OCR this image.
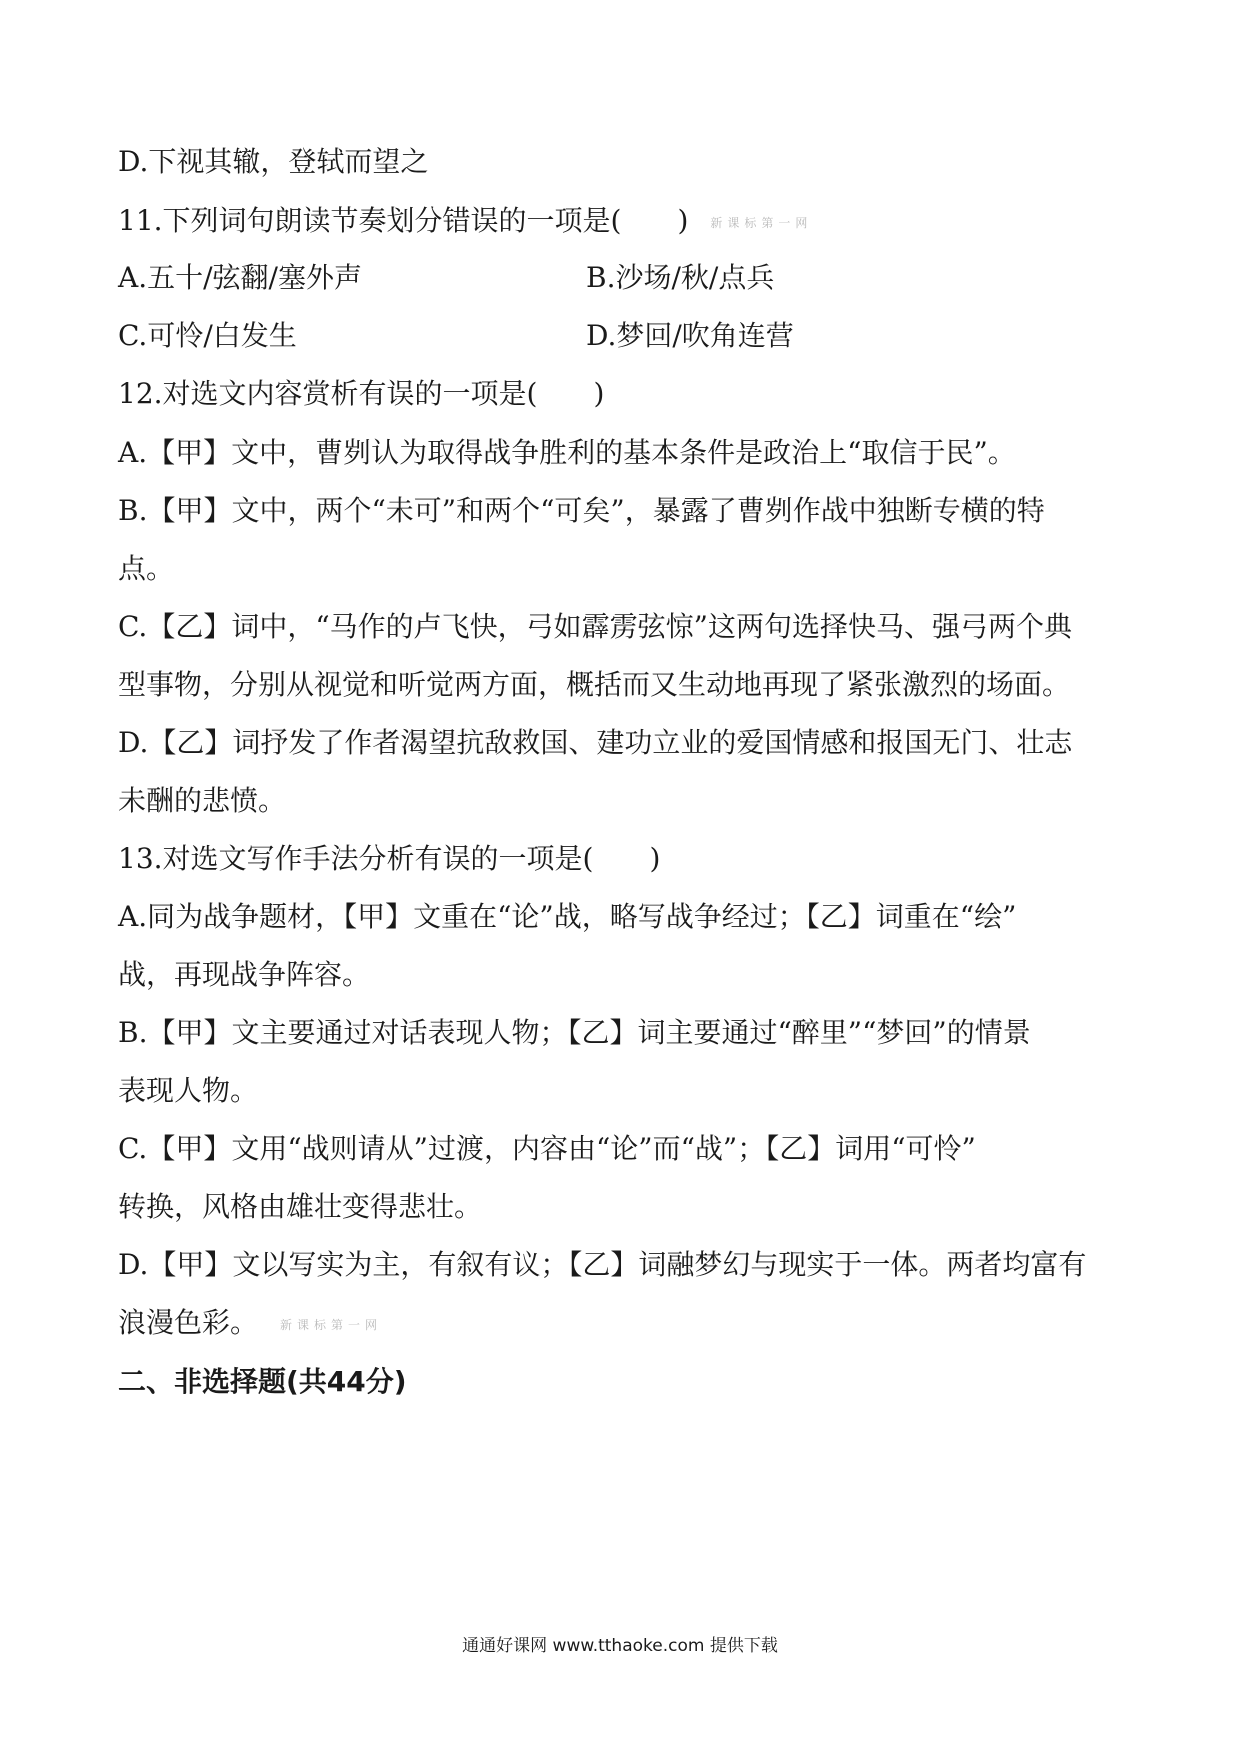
D.下视其辙，登轼而望之
11.下列词句朗读节奏划分错误的一项是(　　) 新课标第一网
A.五十/弦翻/塞外声	B.沙场/秋/点兵
C.可怜/白发生	D.梦回/吹角连营
12.对选文内容赏析有误的一项是(　　)
A.【甲】文中，曹刿认为取得战争胜利的基本条件是政治上“取信于民”。
B.【甲】文中，两个“未可”和两个“可矣”，暴露了曹刿作战中独断专横的特
点。
C.【乙】词中，“马作的卢飞快，弓如霹雳弦惊”这两句选择快马、强弓两个典
型事物，分别从视觉和听觉两方面，概括而又生动地再现了紧张激烈的场面。
D.【乙】词抒发了作者渴望抗敌救国、建功立业的爱国情感和报国无门、壮志
未酬的悲愤。
13.对选文写作手法分析有误的一项是(　　)
A.同为战争题材，【甲】文重在“论”战，略写战争经过；【乙】词重在“绘”
战，再现战争阵容。
B.【甲】文主要通过对话表现人物；【乙】词主要通过“醉里”“梦回”的情景
表现人物。
C.【甲】文用“战则请从”过渡，内容由“论”而“战”；【乙】词用“可怜”
转换，风格由雄壮变得悲壮。
D.【甲】文以写实为主，有叙有议；【乙】词融梦幻与现实于一体。两者均富有
浪漫色彩。 新课标第一网
二、非选择题(共44分)
通通好课网 www.tthaoke.com 提供下载
